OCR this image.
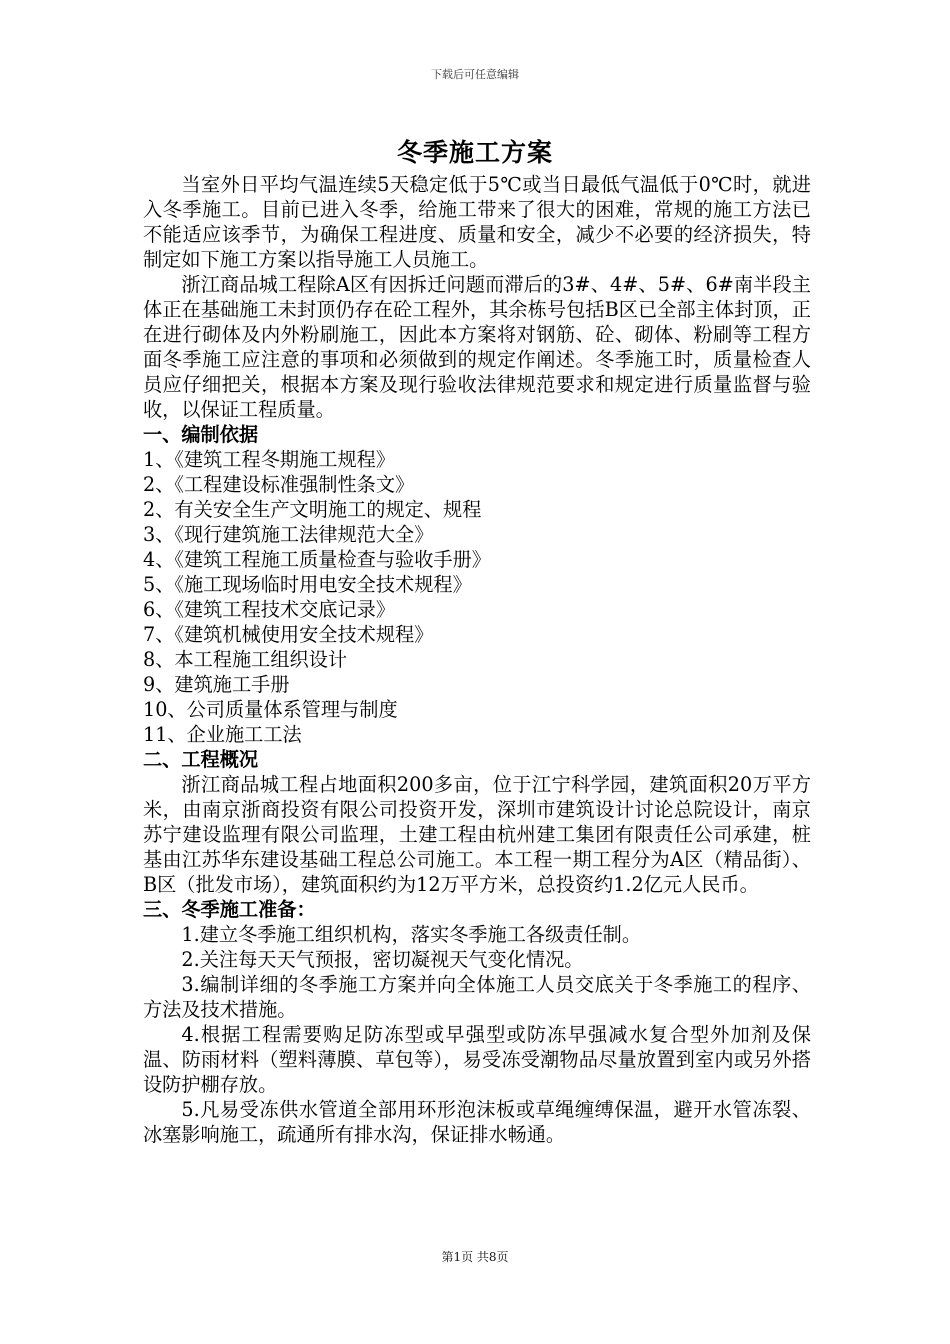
下载后可任意编辑
冬季施工方案

当室外日平均气温连续5天稳定低于5℃或当日最低气温低于0℃时，就进入冬季施工。目前已进入冬季，给施工带来了很大的困难，常规的施工方法已不能适应该季节，为确保工程进度、质量和安全，减少不必要的经济损失，特制定如下施工方案以指导施工人员施工。

浙江商品城工程除A区有因拆迁问题而滞后的3#、4#、5#、6#南半段主体正在基础施工未封顶仍存在砼工程外，其余栋号包括B区已全部主体封顶，正在进行砌体及内外粉刷施工，因此本方案将对钢筋、砼、砌体、粉刷等工程方面冬季施工应注意的事项和必须做到的规定作阐述。冬季施工时，质量检查人员应仔细把关，根据本方案及现行验收法律规范要求和规定进行质量监督与验收，以保证工程质量。

一、编制依据

1、《建筑工程冬期施工规程》

2、《工程建设标准强制性条文》

2、有关安全生产文明施工的规定、规程

3、《现行建筑施工法律规范大全》

4、《建筑工程施工质量检查与验收手册》

5、《施工现场临时用电安全技术规程》

6、《建筑工程技术交底记录》

7、《建筑机械使用安全技术规程》

8、本工程施工组织设计

9、建筑施工手册

10、公司质量体系管理与制度

11、企业施工工法

二、工程概况

浙江商品城工程占地面积200多亩，位于江宁科学园，建筑面积20万平方米，由南京浙商投资有限公司投资开发，深圳市建筑设计讨论总院设计，南京苏宁建设监理有限公司监理，土建工程由杭州建工集团有限责任公司承建，桩基由江苏华东建设基础工程总公司施工。本工程一期工程分为A区（精品街）、B区（批发市场），建筑面积约为12万平方米，总投资约1.2亿元人民币。

三、冬季施工准备：

1.建立冬季施工组织机构，落实冬季施工各级责任制。

2.关注每天天气预报，密切凝视天气变化情况。

3.编制详细的冬季施工方案并向全体施工人员交底关于冬季施工的程序、方法及技术措施。

4.根据工程需要购足防冻型或早强型或防冻早强减水复合型外加剂及保温、防雨材料（塑料薄膜、草包等），易受冻受潮物品尽量放置到室内或另外搭设防护棚存放。

5.凡易受冻供水管道全部用环形泡沫板或草绳缠缚保温，避开水管冻裂、冰塞影响施工，疏通所有排水沟，保证排水畅通。

第1页 共8页
